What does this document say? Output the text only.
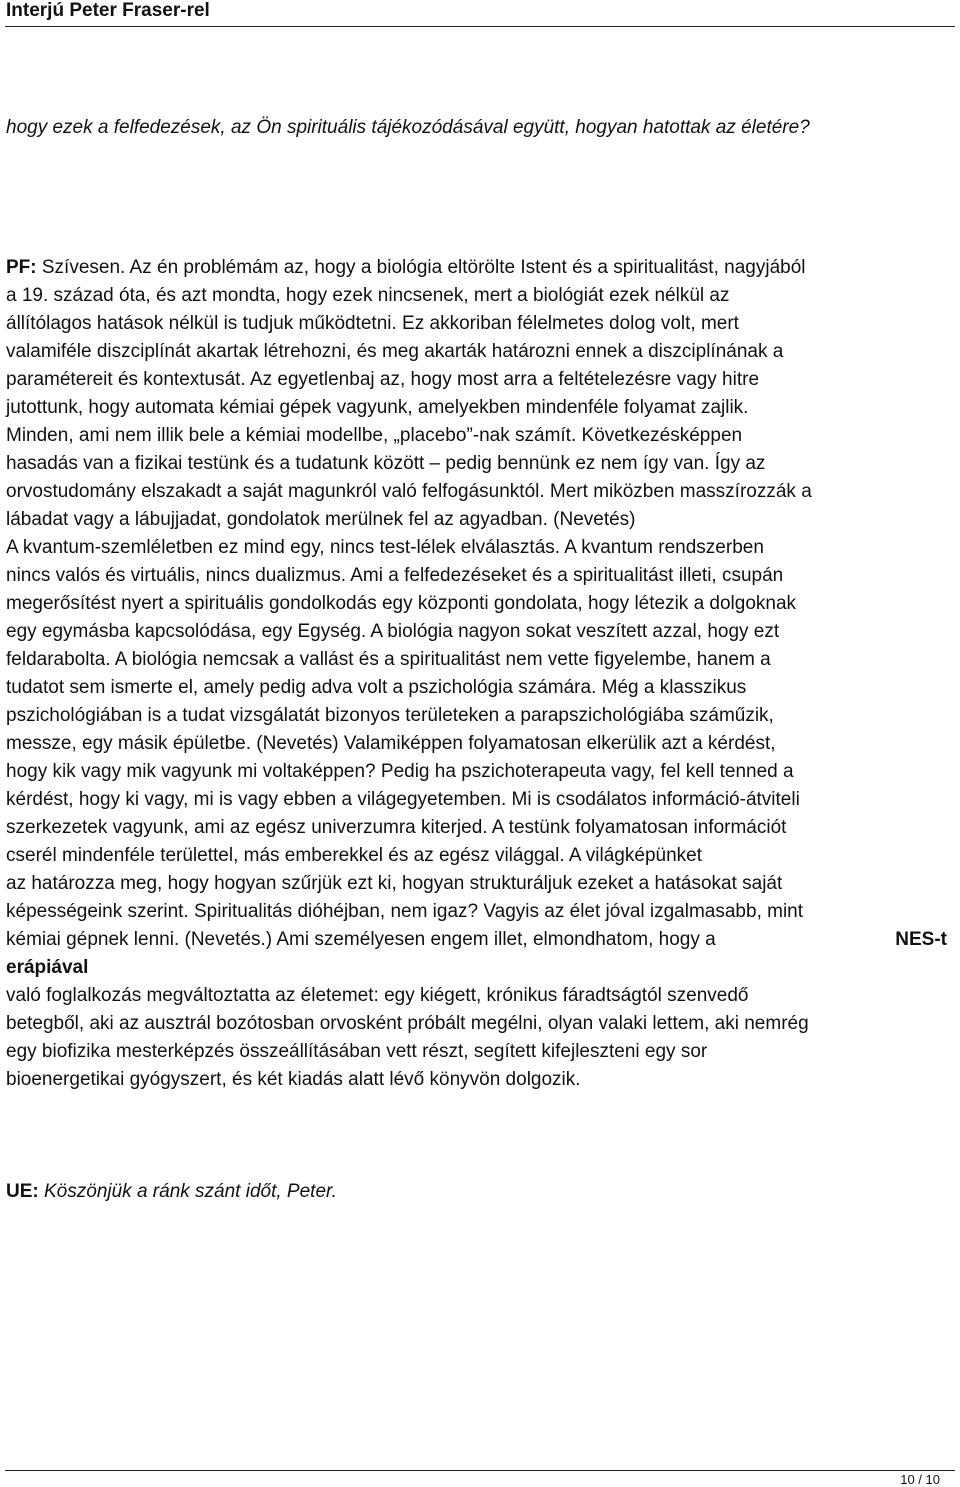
Interjú Peter Fraser-rel
hogy ezek a felfedezések, az Ön spirituális tájékozódásával együtt, hogyan hatottak az életére?
PF: Szívesen. Az én problémám az, hogy a biológia eltörölte Istent és a spiritualitást, nagyjából
a 19. század óta, és azt mondta, hogy ezek nincsenek, mert a biológiát ezek nélkül az
állítólagos hatások nélkül is tudjuk működtetni. Ez akkoriban félelmetes dolog volt, mert
valamiféle diszciplínát akartak létrehozni, és meg akarták határozni ennek a diszciplínának a
paramétereit és kontextusát. Az egyetlenbaj az, hogy most arra a feltételezésre vagy hitre
jutottunk, hogy automata kémiai gépek vagyunk, amelyekben mindenféle folyamat zajlik.
Minden, ami nem illik bele a kémiai modellbe, „placebo”-nak számít. Következésképpen
hasadás van a fizikai testünk és a tudatunk között – pedig bennünk ez nem így van. Így az
orvostudomány elszakadt a saját magunkról való felfogásunktól. Mert miközben masszírozzák a
lábadat vagy a lábujjadat, gondolatok merülnek fel az agyadban. (Nevetés)
A kvantum-szemléletben ez mind egy, nincs test-lélek elválasztás. A kvantum rendszerben
nincs valós és virtuális, nincs dualizmus. Ami a felfedezéseket és a spiritualitást illeti, csupán
megerősítést nyert a spirituális gondolkodás egy központi gondolata, hogy létezik a dolgoknak
egy egymásba kapcsolódása, egy Egység. A biológia nagyon sokat veszített azzal, hogy ezt
feldarabolta. A biológia nemcsak a vallást és a spiritualitást nem vette figyelembe, hanem a
tudatot sem ismerte el, amely pedig adva volt a pszichológia számára. Még a klasszikus
pszichológiában is a tudat vizsgálatát bizonyos területeken a parapszichológiába száműzik,
messze, egy másik épületbe. (Nevetés) Valamiképpen folyamatosan elkerülik azt a kérdést,
hogy kik vagy mik vagyunk mi voltaképpen? Pedig ha pszichoterapeuta vagy, fel kell tenned a
kérdést, hogy ki vagy, mi is vagy ebben a világegyetemben. Mi is csodálatos információ-átviteli
szerkezetek vagyunk, ami az egész univerzumra kiterjed. A testünk folyamatosan információt
cserél mindenféle területtel, más emberekkel és az egész világgal. A világképünket
az határozza meg, hogy hogyan szűrjük ezt ki, hogyan strukturáljuk ezeket a hatásokat saját
képességeink szerint. Spiritualitás dióhéjban, nem igaz? Vagyis az élet jóval izgalmasabb, mint
kémiai gépnek lenni. (Nevetés.) Ami személyesen engem illet, elmondhatom, hogy a	NES-t
erápiával
való foglalkozás megváltoztatta az életemet: egy kiégett, krónikus fáradtságtól szenvedő
betegből, aki az ausztrál bozótosban orvosként próbált megélni, olyan valaki lettem, aki nemrég
egy biofizika mesterképzés összeállításában vett részt, segített kifejleszteni egy sor
bioenergetikai gyógyszert, és két kiadás alatt lévő könyvön dolgozik.
UE: Köszönjük a ránk szánt időt, Peter.
10 / 10
